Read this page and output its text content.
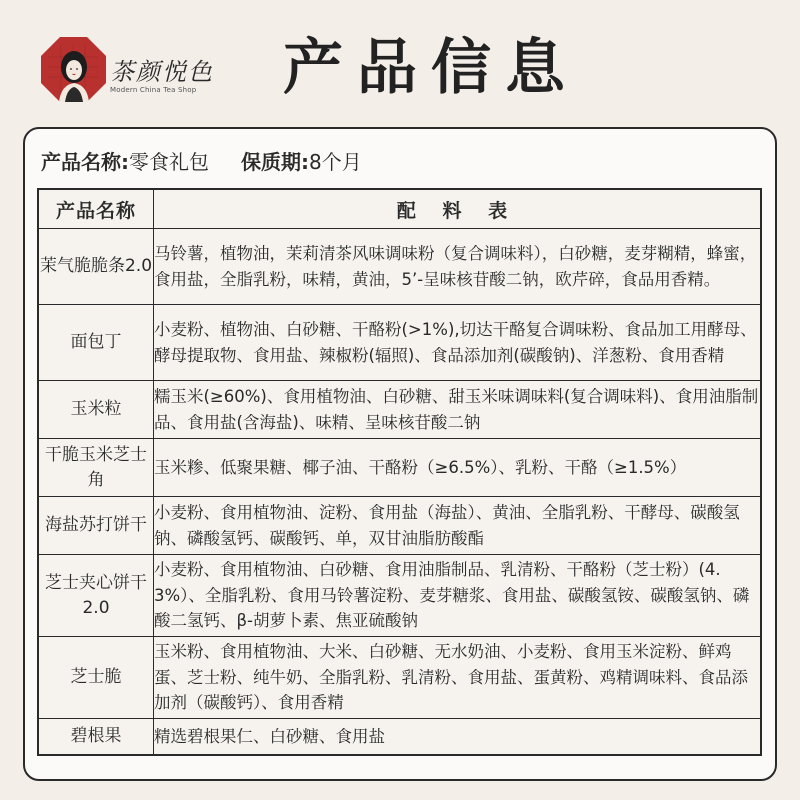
茶颜悦色
Modern China Tea Shop 产品信息
产品名称:零食礼包 保质期:8个月
产品名称	配 料 表
茉气脆脆条2.0	马铃薯，植物油，茉莉清茶风味调味粉（复合调味料），白砂糖，麦芽糊精，蜂蜜，食用盐，全脂乳粉，味精，黄油，5’-呈味核苷酸二钠，欧芹碎，食品用香精。
面包丁	小麦粉、植物油、白砂糖、干酪粉(>1%),切达干酪复合调味粉、食品加工用酵母、酵母提取物、食用盐、辣椒粉(辐照)、食品添加剂(碳酸钠)、洋葱粉、食用香精
玉米粒	糯玉米(≥60%)、食用植物油、白砂糖、甜玉米味调味料(复合调味料)、食用油脂制品、食用盐(含海盐)、味精、呈味核苷酸二钠
干脆玉米芝士角	玉米糁、低聚果糖、椰子油、干酪粉（≥6.5%）、乳粉、干酪（≥1.5%）
海盐苏打饼干	小麦粉、食用植物油、淀粉、食用盐（海盐）、黄油、全脂乳粉、干酵母、碳酸氢钠、磷酸氢钙、碳酸钙、单，双甘油脂肪酸酯
芝士夹心饼干2.0	小麦粉、食用植物油、白砂糖、食用油脂制品、乳清粉、干酪粉（芝士粉）(4.3%）、全脂乳粉、食用马铃薯淀粉、麦芽糖浆、食用盐、碳酸氢铵、碳酸氢钠、磷酸二氢钙、β-胡萝卜素、焦亚硫酸钠
芝士脆	玉米粉、食用植物油、大米、白砂糖、无水奶油、小麦粉、食用玉米淀粉、鲜鸡蛋、芝士粉、纯牛奶、全脂乳粉、乳清粉、食用盐、蛋黄粉、鸡精调味料、食品添加剂（碳酸钙）、食用香精
碧根果	精选碧根果仁、白砂糖、食用盐
